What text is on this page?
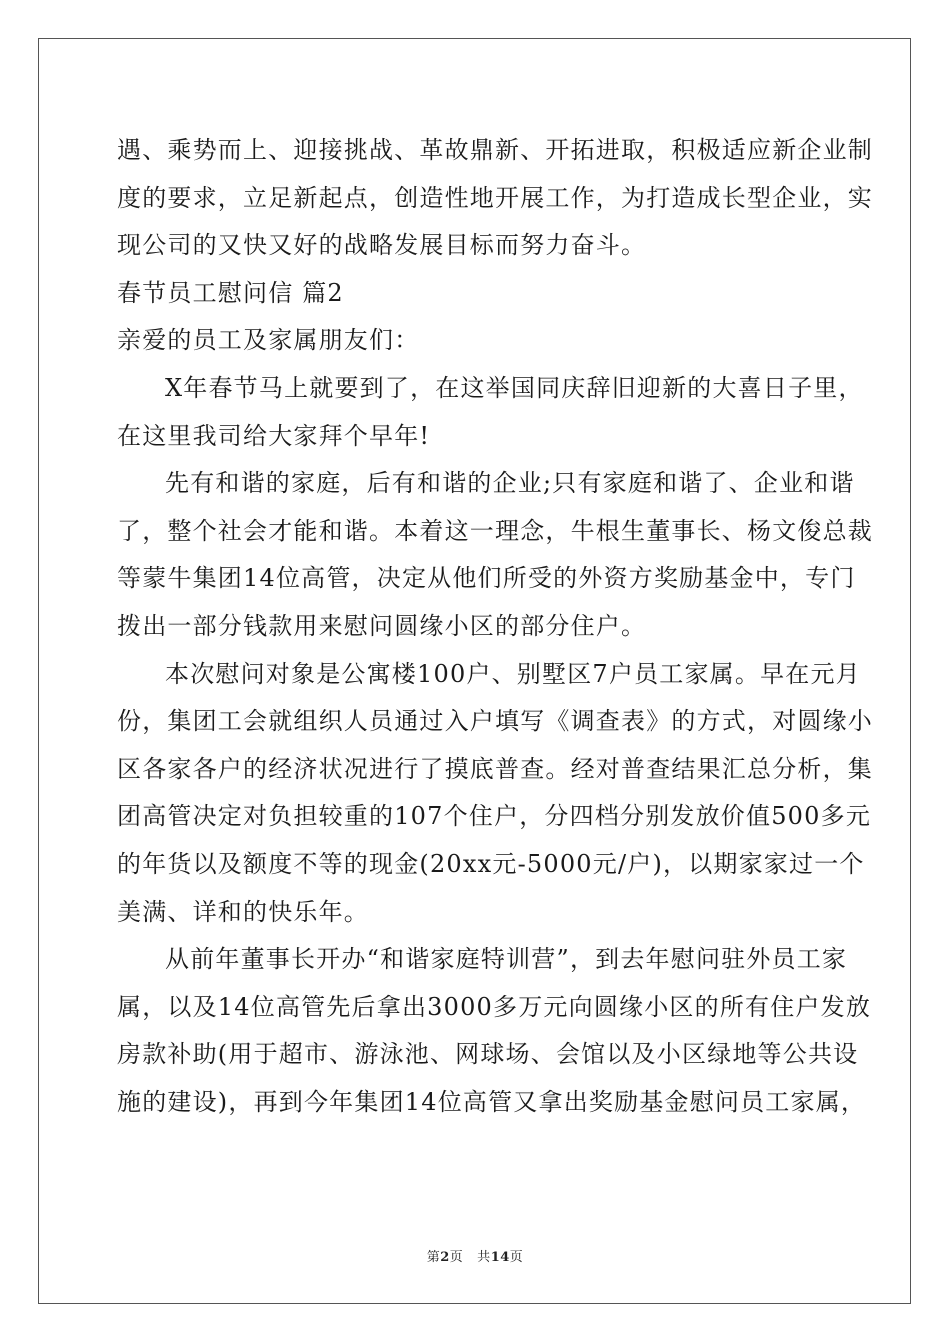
遇、乘势而上、迎接挑战、革故鼎新、开拓进取，积极适应新企业制
度的要求，立足新起点，创造性地开展工作，为打造成长型企业，实
现公司的又快又好的战略发展目标而努力奋斗。
春节员工慰问信 篇2
亲爱的员工及家属朋友们：
X年春节马上就要到了，在这举国同庆辞旧迎新的大喜日子里，
在这里我司给大家拜个早年!
先有和谐的家庭，后有和谐的企业;只有家庭和谐了、企业和谐
了，整个社会才能和谐。本着这一理念，牛根生董事长、杨文俊总裁
等蒙牛集团14位高管，决定从他们所受的外资方奖励基金中，专门
拨出一部分钱款用来慰问圆缘小区的部分住户。
本次慰问对象是公寓楼100户、别墅区7户员工家属。早在元月
份，集团工会就组织人员通过入户填写《调查表》的方式，对圆缘小
区各家各户的经济状况进行了摸底普查。经对普查结果汇总分析，集
团高管决定对负担较重的107个住户，分四档分别发放价值500多元
的年货以及额度不等的现金(20xx元-5000元/户)，以期家家过一个
美满、详和的快乐年。
从前年董事长开办“和谐家庭特训营”，到去年慰问驻外员工家
属，以及14位高管先后拿出3000多万元向圆缘小区的所有住户发放
房款补助(用于超市、游泳池、网球场、会馆以及小区绿地等公共设
施的建设)，再到今年集团14位高管又拿出奖励基金慰问员工家属，
第2页 共14页
